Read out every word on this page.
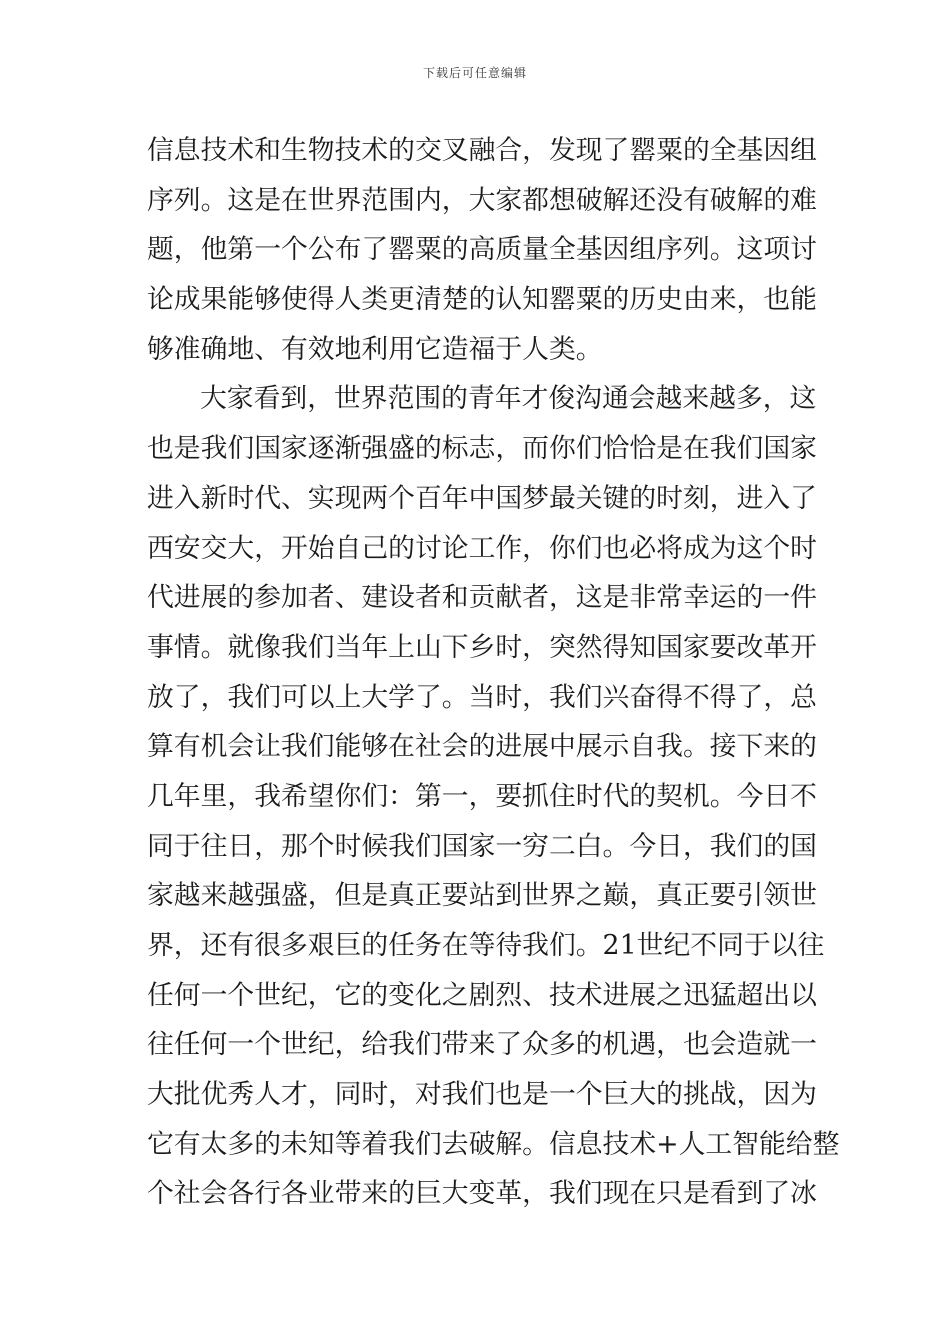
下载后可任意编辑
信 息 技 术 和 生 物 技 术 的 交 叉 融 合 ， 发 现 了 罂 粟 的 全 基 因 组
序 列 。 这 是 在 世 界 范 围 内 ， 大 家 都 想 破 解 还 没 有 破 解 的 难
题 ， 他 第 一 个 公 布 了 罂 粟 的 高 质 量 全 基 因 组 序 列 。 这 项 讨
论 成 果 能 够 使 得 人 类 更 清 楚 的 认 知 罂 粟 的 历 史 由 来 ， 也 能
够准确地、有效地利用它造福于人类。
大 家 看 到 ， 世 界 范 围 的 青 年 才 俊 沟 通 会 越 来 越 多 ， 这
也 是 我 们 国 家 逐 渐 强 盛 的 标 志 ， 而 你 们 恰 恰 是 在 我 们 国 家
进 入 新 时 代 、 实 现 两 个 百 年 中 国 梦 最 关 键 的 时 刻 ， 进 入 了
西 安 交 大 ， 开 始 自 己 的 讨 论 工 作 ， 你 们 也 必 将 成 为 这 个 时
代 进 展 的 参 加 者 、 建 设 者 和 贡 献 者 ， 这 是 非 常 幸 运 的 一 件
事 情 。 就 像 我 们 当 年 上 山 下 乡 时 ， 突 然 得 知 国 家 要 改 革 开
放 了 ， 我 们 可 以 上 大 学 了 。 当 时 ， 我 们 兴 奋 得 不 得 了 ， 总
算 有 机 会 让 我 们 能 够 在 社 会 的 进 展 中 展 示 自 我 。 接 下 来 的
几 年 里 ， 我 希 望 你 们 ： 第 一 ， 要 抓 住 时 代 的 契 机 。 今 日 不
同 于 往 日 ， 那 个 时 候 我 们 国 家 一 穷 二 白 。 今 日 ， 我 们 的 国
家 越 来 越 强 盛 ， 但 是 真 正 要 站 到 世 界 之 巅 ， 真 正 要 引 领 世
界 ， 还 有 很 多 艰 巨 的 任 务 在 等 待 我 们 。 2 1 世 纪 不 同 于 以 往
任 何 一 个 世 纪 ， 它 的 变 化 之 剧 烈 、 技 术 进 展 之 迅 猛 超 出 以
往 任 何 一 个 世 纪 ， 给 我 们 带 来 了 众 多 的 机 遇 ， 也 会 造 就 一
大 批 优 秀 人 才 ， 同 时 ， 对 我 们 也 是 一 个 巨 大 的 挑 战 ， 因 为
它 有 太 多 的 未 知 等 着 我 们 去 破 解 。 信 息 技 术 + 人 工 智 能 给 整
个 社 会 各 行 各 业 带 来 的 巨 大 变 革 ， 我 们 现 在 只 是 看 到 了 冰
